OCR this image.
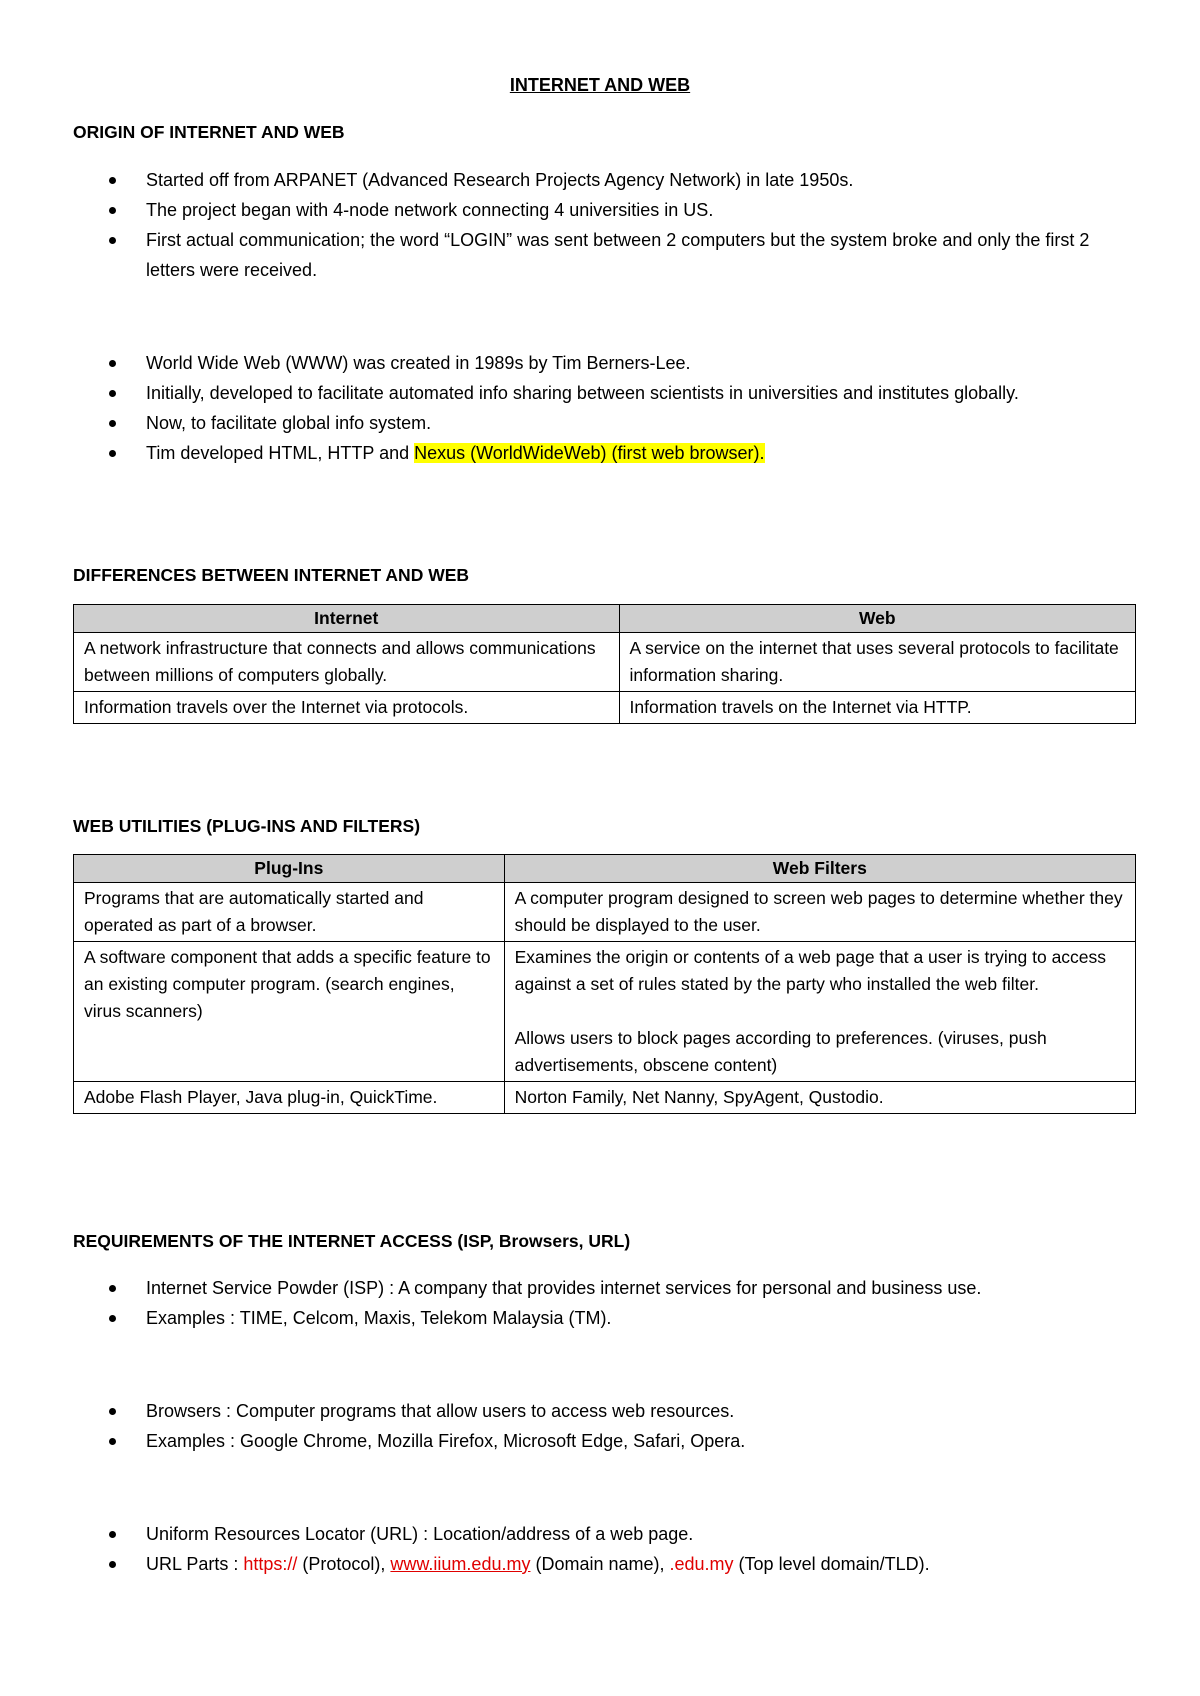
INTERNET AND WEB
ORIGIN OF INTERNET AND WEB
Started off from ARPANET (Advanced Research Projects Agency Network) in late 1950s.
The project began with 4-node network connecting 4 universities in US.
First actual communication; the word “LOGIN” was sent between 2 computers but the system broke and only the first 2 letters were received.
World Wide Web (WWW) was created in 1989s by Tim Berners-Lee.
Initially, developed to facilitate automated info sharing between scientists in universities and institutes globally.
Now, to facilitate global info system.
Tim developed HTML, HTTP and Nexus (WorldWideWeb) (first web browser).
DIFFERENCES BETWEEN INTERNET AND WEB
Internet	Web
A network infrastructure that connects and allows communications between millions of computers globally.	A service on the internet that uses several protocols to facilitate information sharing.
Information travels over the Internet via protocols.	Information travels on the Internet via HTTP.
WEB UTILITIES (PLUG-INS AND FILTERS)
Plug-Ins	Web Filters
Programs that are automatically started and operated as part of a browser.	A computer program designed to screen web pages to determine whether they should be displayed to the user.
A software component that adds a specific feature to an existing computer program. (search engines, virus scanners)	Examines the origin or contents of a web page that a user is trying to access against a set of rules stated by the party who installed the web filter.

Allows users to block pages according to preferences. (viruses, push advertisements, obscene content)
Adobe Flash Player, Java plug-in, QuickTime.	Norton Family, Net Nanny, SpyAgent, Qustodio.
REQUIREMENTS OF THE INTERNET ACCESS (ISP, Browsers, URL)
Internet Service Powder (ISP) : A company that provides internet services for personal and business use.
Examples : TIME, Celcom, Maxis, Telekom Malaysia (TM).
Browsers : Computer programs that allow users to access web resources.
Examples : Google Chrome, Mozilla Firefox, Microsoft Edge, Safari, Opera.
Uniform Resources Locator (URL) : Location/address of a web page.
URL Parts : https:// (Protocol), www.iium.edu.my (Domain name), .edu.my (Top level domain/TLD).
